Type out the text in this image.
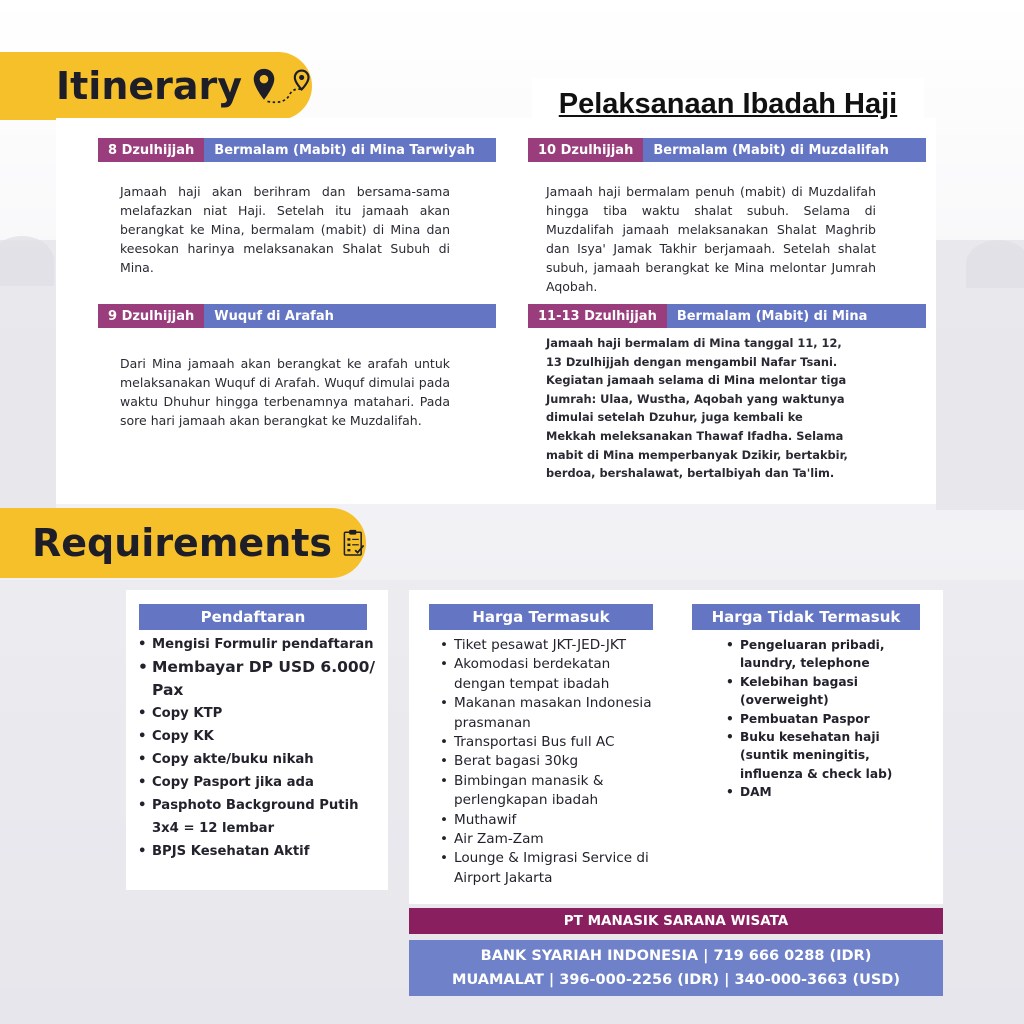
Itinerary	Pelaksanaan Ibadah Haji
8 Dzulhijjah	Bermalam (Mabit) di Mina Tarwiyah
Jamaah haji akan berihram dan bersama-sama melafazkan niat Haji. Setelah itu jamaah akan berangkat ke Mina, bermalam (mabit) di Mina dan keesokan harinya melaksanakan Shalat Subuh di Mina.
10 Dzulhijjah	Bermalam (Mabit) di Muzdalifah
Jamaah haji bermalam penuh (mabit) di Muzdalifah hingga tiba waktu shalat subuh. Selama di Muzdalifah jamaah melaksanakan Shalat Maghrib dan Isya' Jamak Takhir berjamaah. Setelah shalat subuh, jamaah berangkat ke Mina melontar Jumrah Aqobah.
9 Dzulhijjah	Wuquf di Arafah
Dari Mina jamaah akan berangkat ke arafah untuk melaksanakan Wuquf di Arafah. Wuquf dimulai pada waktu Dhuhur hingga terbenamnya matahari. Pada sore hari jamaah akan berangkat ke Muzdalifah.
11-13 Dzulhijjah	Bermalam (Mabit) di Mina
Jamaah haji bermalam di Mina tanggal 11, 12, 13 Dzulhijjah dengan mengambil Nafar Tsani. Kegiatan jamaah selama di Mina melontar tiga Jumrah: Ulaa, Wustha, Aqobah yang waktunya dimulai setelah Dzuhur, juga kembali ke Mekkah meleksanakan Thawaf Ifadha. Selama mabit di Mina memperbanyak Dzikir, bertakbir, berdoa, bershalawat, bertalbiyah dan Ta'lim.
Requirements
Pendaftaran
• Mengisi Formulir pendaftaran
• Membayar DP USD 6.000/ Pax
• Copy KTP
• Copy KK
• Copy akte/buku nikah
• Copy Pasport jika ada
• Pasphoto Background Putih 3x4 = 12 lembar
• BPJS Kesehatan Aktif
Harga Termasuk
• Tiket pesawat JKT-JED-JKT
• Akomodasi berdekatan dengan tempat ibadah
• Makanan masakan Indonesia prasmanan
• Transportasi Bus full AC
• Berat bagasi 30kg
• Bimbingan manasik & perlengkapan ibadah
• Muthawif
• Air Zam-Zam
• Lounge & Imigrasi Service di Airport Jakarta
Harga Tidak Termasuk
• Pengeluaran pribadi, laundry, telephone
• Kelebihan bagasi (overweight)
• Pembuatan Paspor
• Buku kesehatan haji (suntik meningitis, influenza & check lab)
• DAM
PT MANASIK SARANA WISATA
BANK SYARIAH INDONESIA | 719 666 0288 (IDR)
MUAMALAT | 396-000-2256 (IDR) | 340-000-3663 (USD)
